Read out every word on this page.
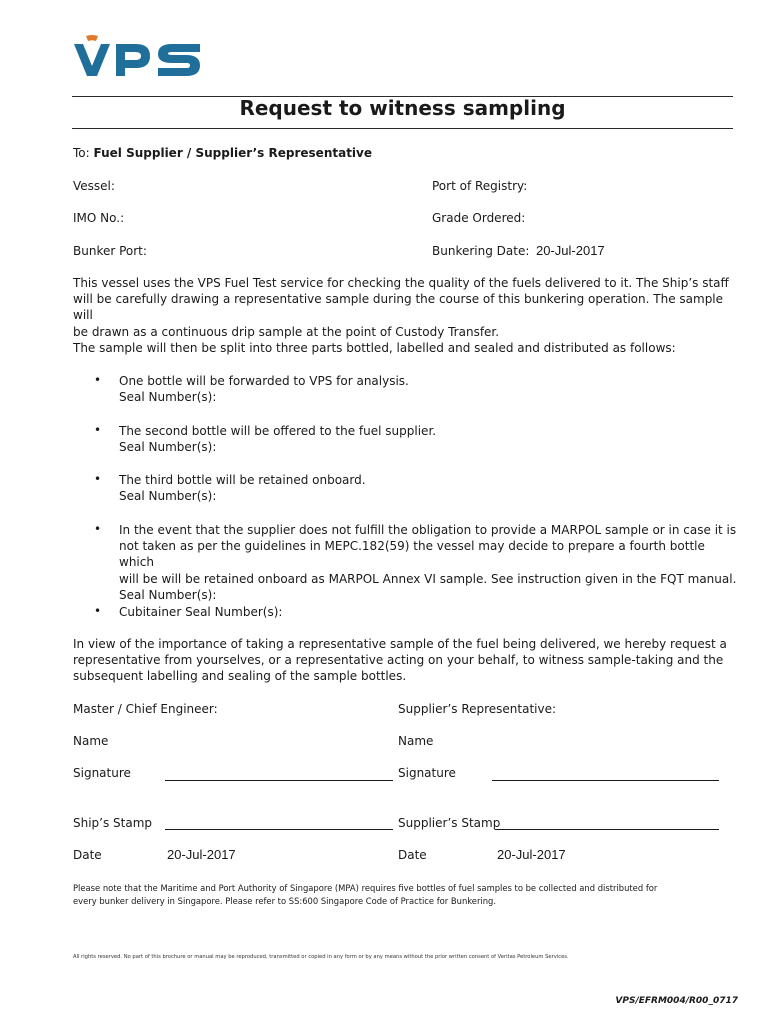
Request to witness sampling
To: Fuel Supplier / Supplier’s Representative
Vessel:	Port of Registry:
IMO No.:	Grade Ordered:
Bunker Port:	Bunkering Date: 20-Jul-2017
This vessel uses the VPS Fuel Test service for checking the quality of the fuels delivered to it. The Ship’s staff
will be carefully drawing a representative sample during the course of this bunkering operation. The sample will
be drawn as a continuous drip sample at the point of Custody Transfer.
The sample will then be split into three parts bottled, labelled and sealed and distributed as follows:
• One bottle will be forwarded to VPS for analysis.
Seal Number(s):
• The second bottle will be offered to the fuel supplier.
Seal Number(s):
• The third bottle will be retained onboard.
Seal Number(s):
• In the event that the supplier does not fulfill the obligation to provide a MARPOL sample or in case it is
not taken as per the guidelines in MEPC.182(59) the vessel may decide to prepare a fourth bottle which
will be will be retained onboard as MARPOL Annex VI sample. See instruction given in the FQT manual.
Seal Number(s):
• Cubitainer Seal Number(s):
In view of the importance of taking a representative sample of the fuel being delivered, we hereby request a
representative from yourselves, or a representative acting on your behalf, to witness sample-taking and the
subsequent labelling and sealing of the sample bottles.
Master / Chief Engineer:	Supplier’s Representative:
Name	Name
Signature	Signature
Ship’s Stamp	Supplier’s Stamp
Date	20-Jul-2017	Date	20-Jul-2017
Please note that the Maritime and Port Authority of Singapore (MPA) requires five bottles of fuel samples to be collected and distributed for
every bunker delivery in Singapore. Please refer to SS:600 Singapore Code of Practice for Bunkering.
All rights reserved. No part of this brochure or manual may be reproduced, transmitted or copied in any form or by any means without the prior written consent of Veritas Petroleum Services.
VPS/EFRM004/R00_0717
